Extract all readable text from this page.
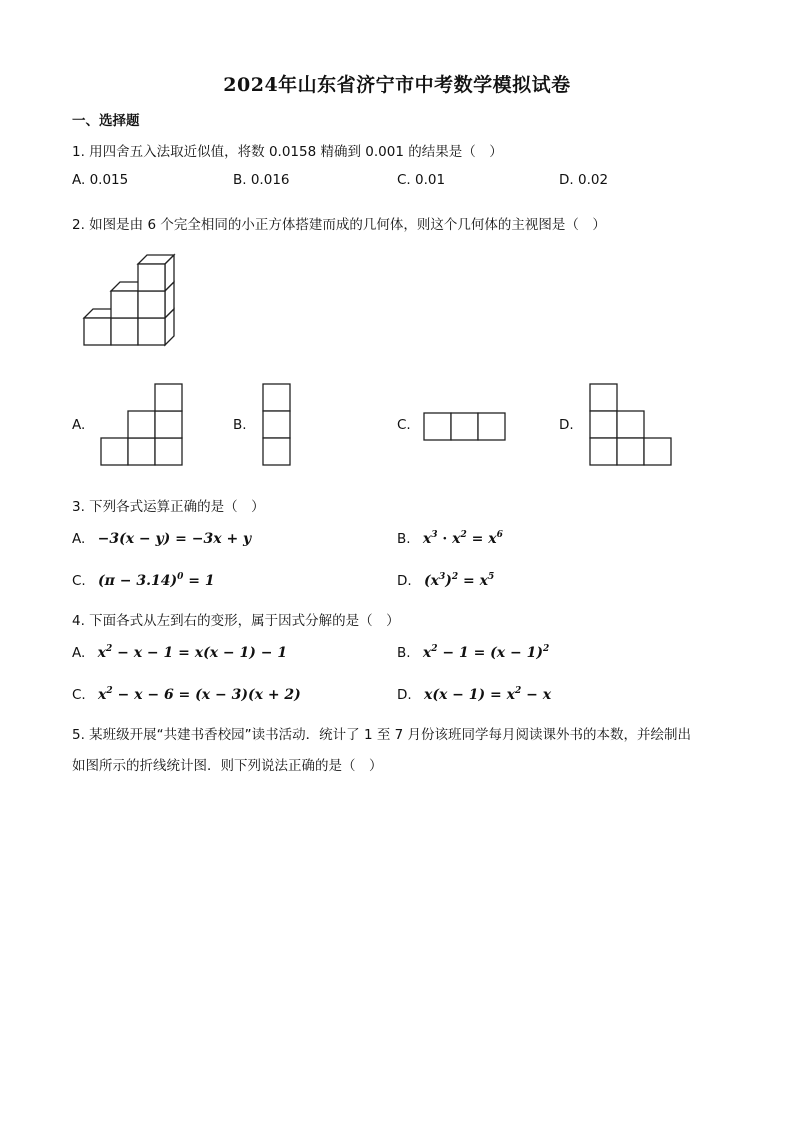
2024年山东省济宁市中考数学模拟试卷
一、选择题
1. 用四舍五入法取近似值，将数 0.0158 精确到 0.001 的结果是（　）
A. 0.015	B. 0.016	C. 0.01	D. 0.02
2. 如图是由 6 个完全相同的小正方体搭建而成的几何体，则这个几何体的主视图是（　）
A.	B.	C.	D.
3. 下列各式运算正确的是（　）
A. −3(x − y) = −3x + y	B. $x^3 \cdot x^2 = x^6$
C. $(\pi - 3.14)^0 = 1$	D. $(x^3)^2 = x^5$
4. 下面各式从左到右的变形，属于因式分解的是（　）
A. $x^2 - x - 1 = x(x - 1) - 1$	B. $x^2 - 1 = (x - 1)^2$
C. $x^2 - x - 6 = (x - 3)(x + 2)$	D. $x(x - 1) = x^2 - x$
5. 某班级开展“共建书香校园”读书活动．统计了 1 至 7 月份该班同学每月阅读课外书的本数，并绘制出
如图所示的折线统计图．则下列说法正确的是（　）
